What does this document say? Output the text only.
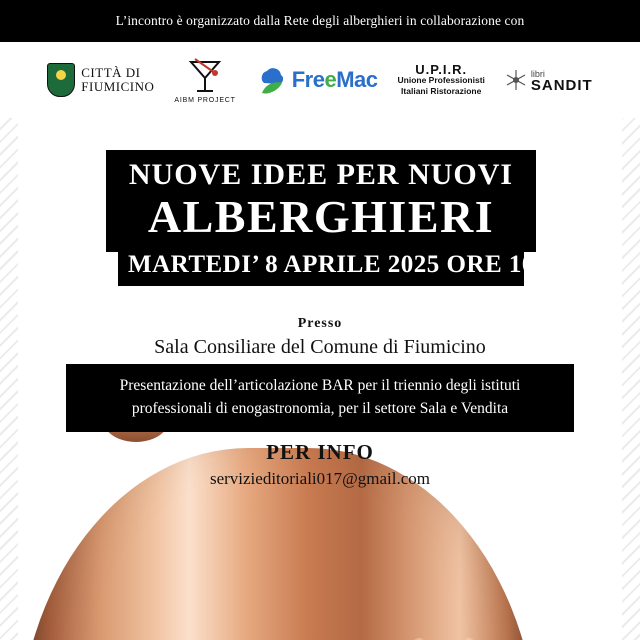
L’incontro è organizzato dalla Rete degli alberghieri in collaborazione con
CITTÀ DI
FIUMICINO
AIBM PROJECT
FreeMac	U.P.I.R.
Unione Professionisti
Italiani Ristorazione
libri
SANDIT
NUOVE IDEE PER NUOVI
ALBERGHIERI
MARTEDI’ 8 APRILE 2025 ORE 10
Presso
Sala Consiliare del Comune di Fiumicino
Presentazione dell’articolazione BAR per il triennio degli istituti
professionali di enogastronomia, per il settore Sala e Vendita
PER INFO
servizieditoriali017@gmail.com
